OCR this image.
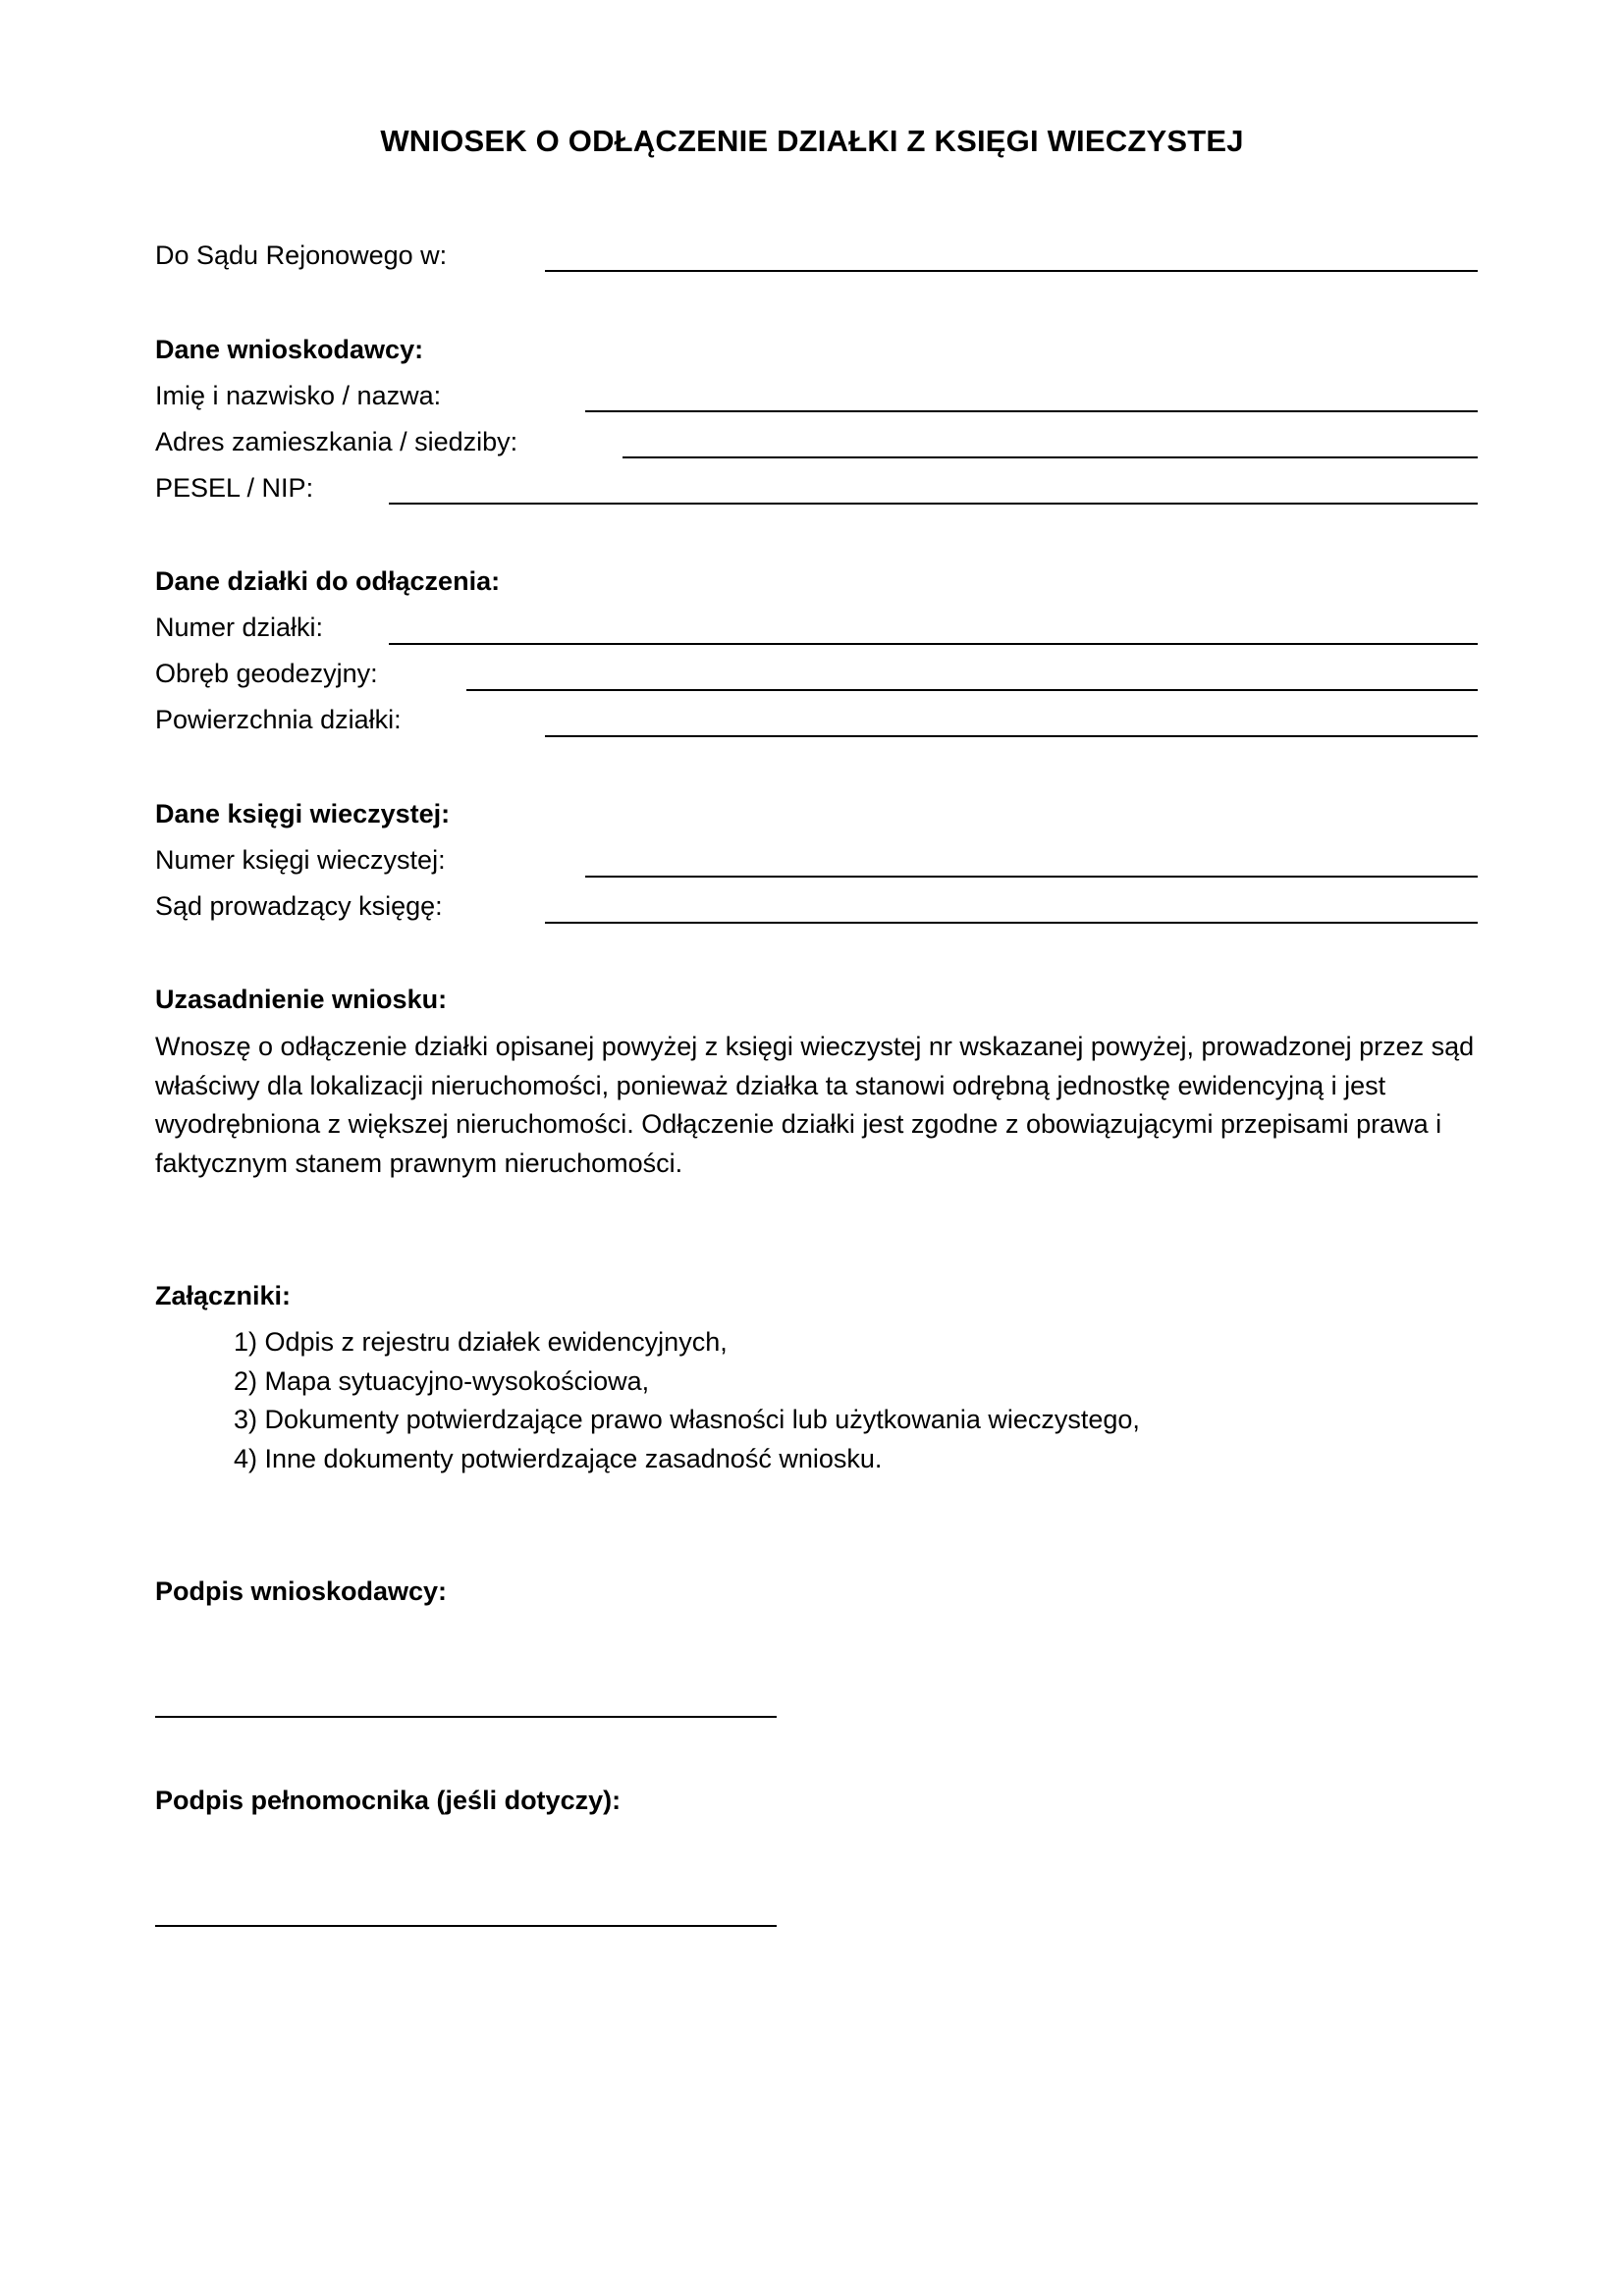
WNIOSEK O ODŁĄCZENIE DZIAŁKI Z KSIĘGI WIECZYSTEJ
Do Sądu Rejonowego w:
Dane wnioskodawcy:
Imię i nazwisko / nazwa:
Adres zamieszkania / siedziby:
PESEL / NIP:
Dane działki do odłączenia:
Numer działki:
Obręb geodezyjny:
Powierzchnia działki:
Dane księgi wieczystej:
Numer księgi wieczystej:
Sąd prowadzący księgę:
Uzasadnienie wniosku:
Wnoszę o odłączenie działki opisanej powyżej z księgi wieczystej nr wskazanej powyżej, prowadzonej przez sąd właściwy dla lokalizacji nieruchomości, ponieważ działka ta stanowi odrębną jednostkę ewidencyjną i jest wyodrębniona z większej nieruchomości. Odłączenie działki jest zgodne z obowiązującymi przepisami prawa i faktycznym stanem prawnym nieruchomości.
Załączniki:
1) Odpis z rejestru działek ewidencyjnych,
2) Mapa sytuacyjno-wysokościowa,
3) Dokumenty potwierdzające prawo własności lub użytkowania wieczystego,
4) Inne dokumenty potwierdzające zasadność wniosku.
Podpis wnioskodawcy:
Podpis pełnomocnika (jeśli dotyczy):
